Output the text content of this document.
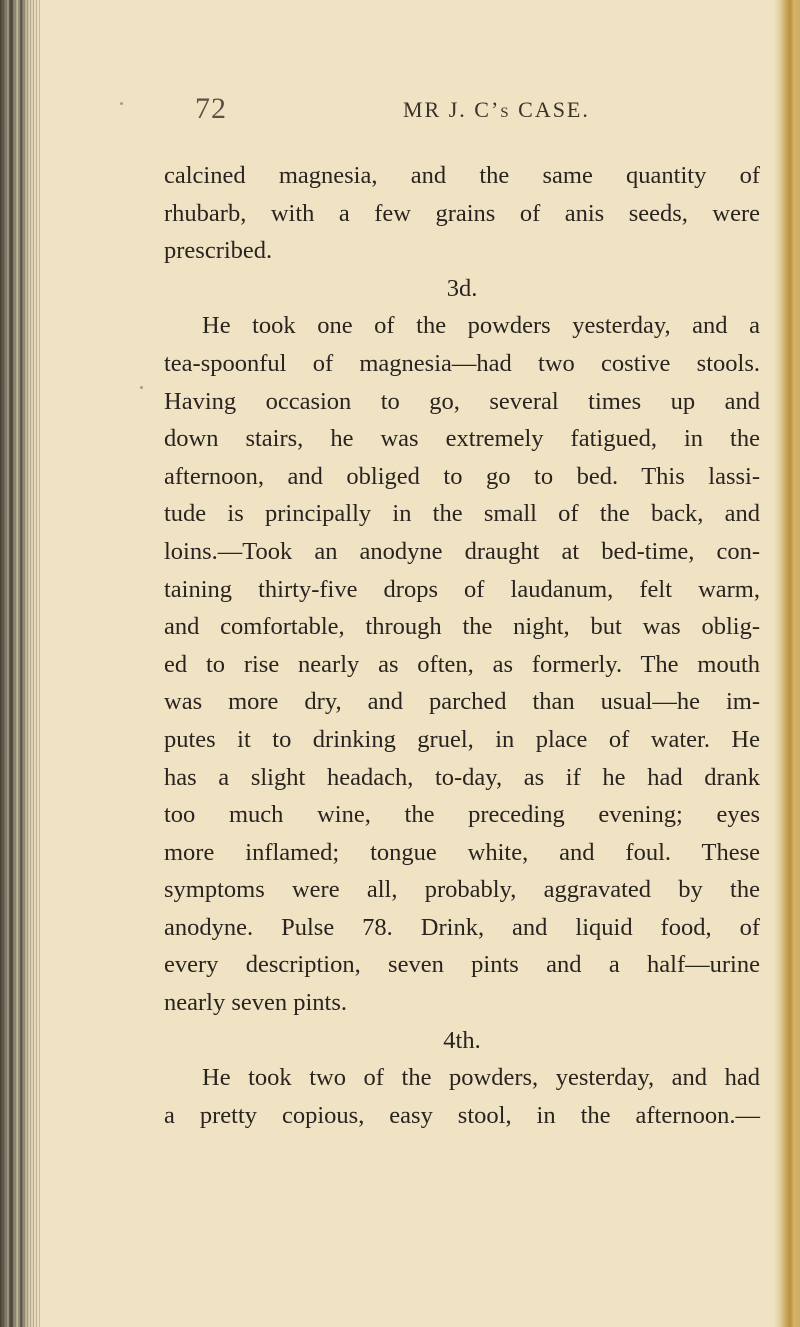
72	MR J. C’s CASE.
calcined magnesia, and the same quantity of
rhubarb, with a few grains of anis seeds, were
prescribed.
3d.
He took one of the powders yesterday, and a
tea-spoonful of magnesia—had two costive stools.
Having occasion to go, several times up and
down stairs, he was extremely fatigued, in the
afternoon, and obliged to go to bed. This lassi-
tude is principally in the small of the back, and
loins.—Took an anodyne draught at bed-time, con-
taining thirty-five drops of laudanum, felt warm,
and comfortable, through the night, but was oblig-
ed to rise nearly as often, as formerly. The mouth
was more dry, and parched than usual—he im-
putes it to drinking gruel, in place of water. He
has a slight headach, to-day, as if he had drank
too much wine, the preceding evening; eyes
more inflamed; tongue white, and foul. These
symptoms were all, probably, aggravated by the
anodyne. Pulse 78. Drink, and liquid food, of
every description, seven pints and a half—urine
nearly seven pints.
4th.
He took two of the powders, yesterday, and had
a pretty copious, easy stool, in the afternoon.—
